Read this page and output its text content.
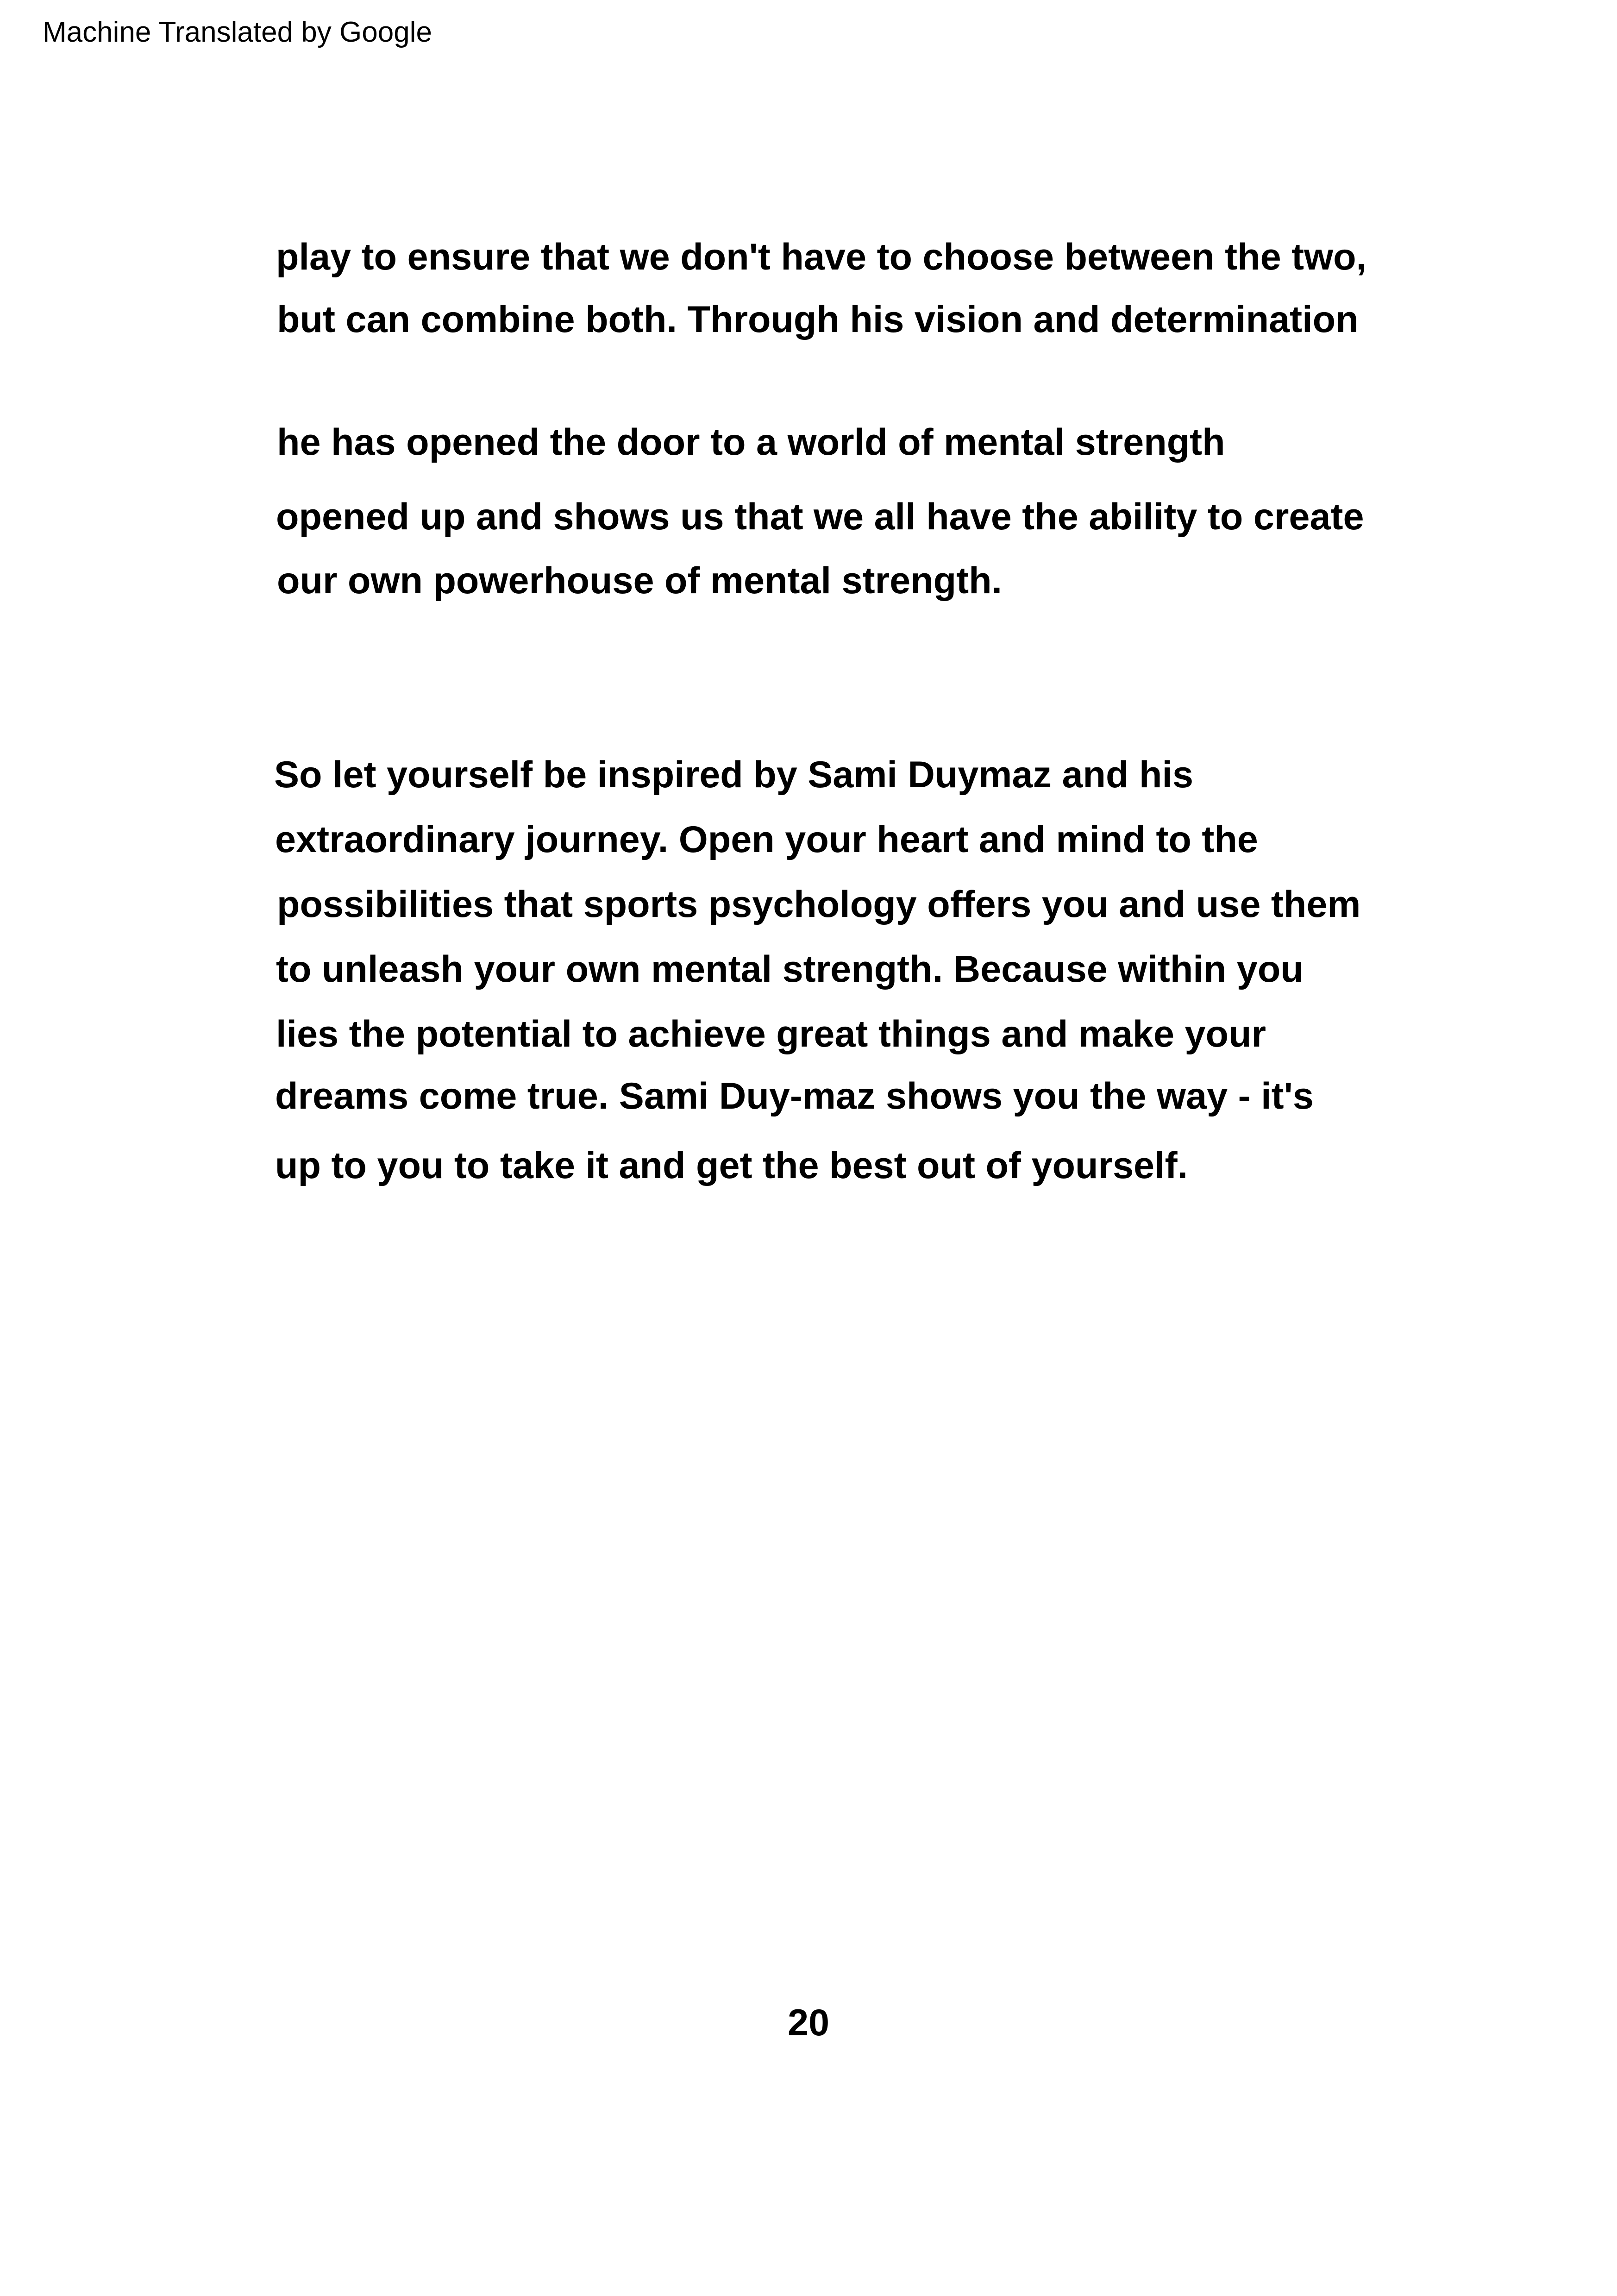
Machine Translated by Google
play to ensure that we don't have to choose between the two,
but can combine both. Through his vision and determination
he has opened the door to a world of mental strength
opened up and shows us that we all have the ability to create
our own powerhouse of mental strength.
So let yourself be inspired by Sami Duymaz and his
extraordinary journey. Open your heart and mind to the
possibilities that sports psychology offers you and use them
to unleash your own mental strength. Because within you
lies the potential to achieve great things and make your
dreams come true. Sami Duy-maz shows you the way - it's
up to you to take it and get the best out of yourself.
20
